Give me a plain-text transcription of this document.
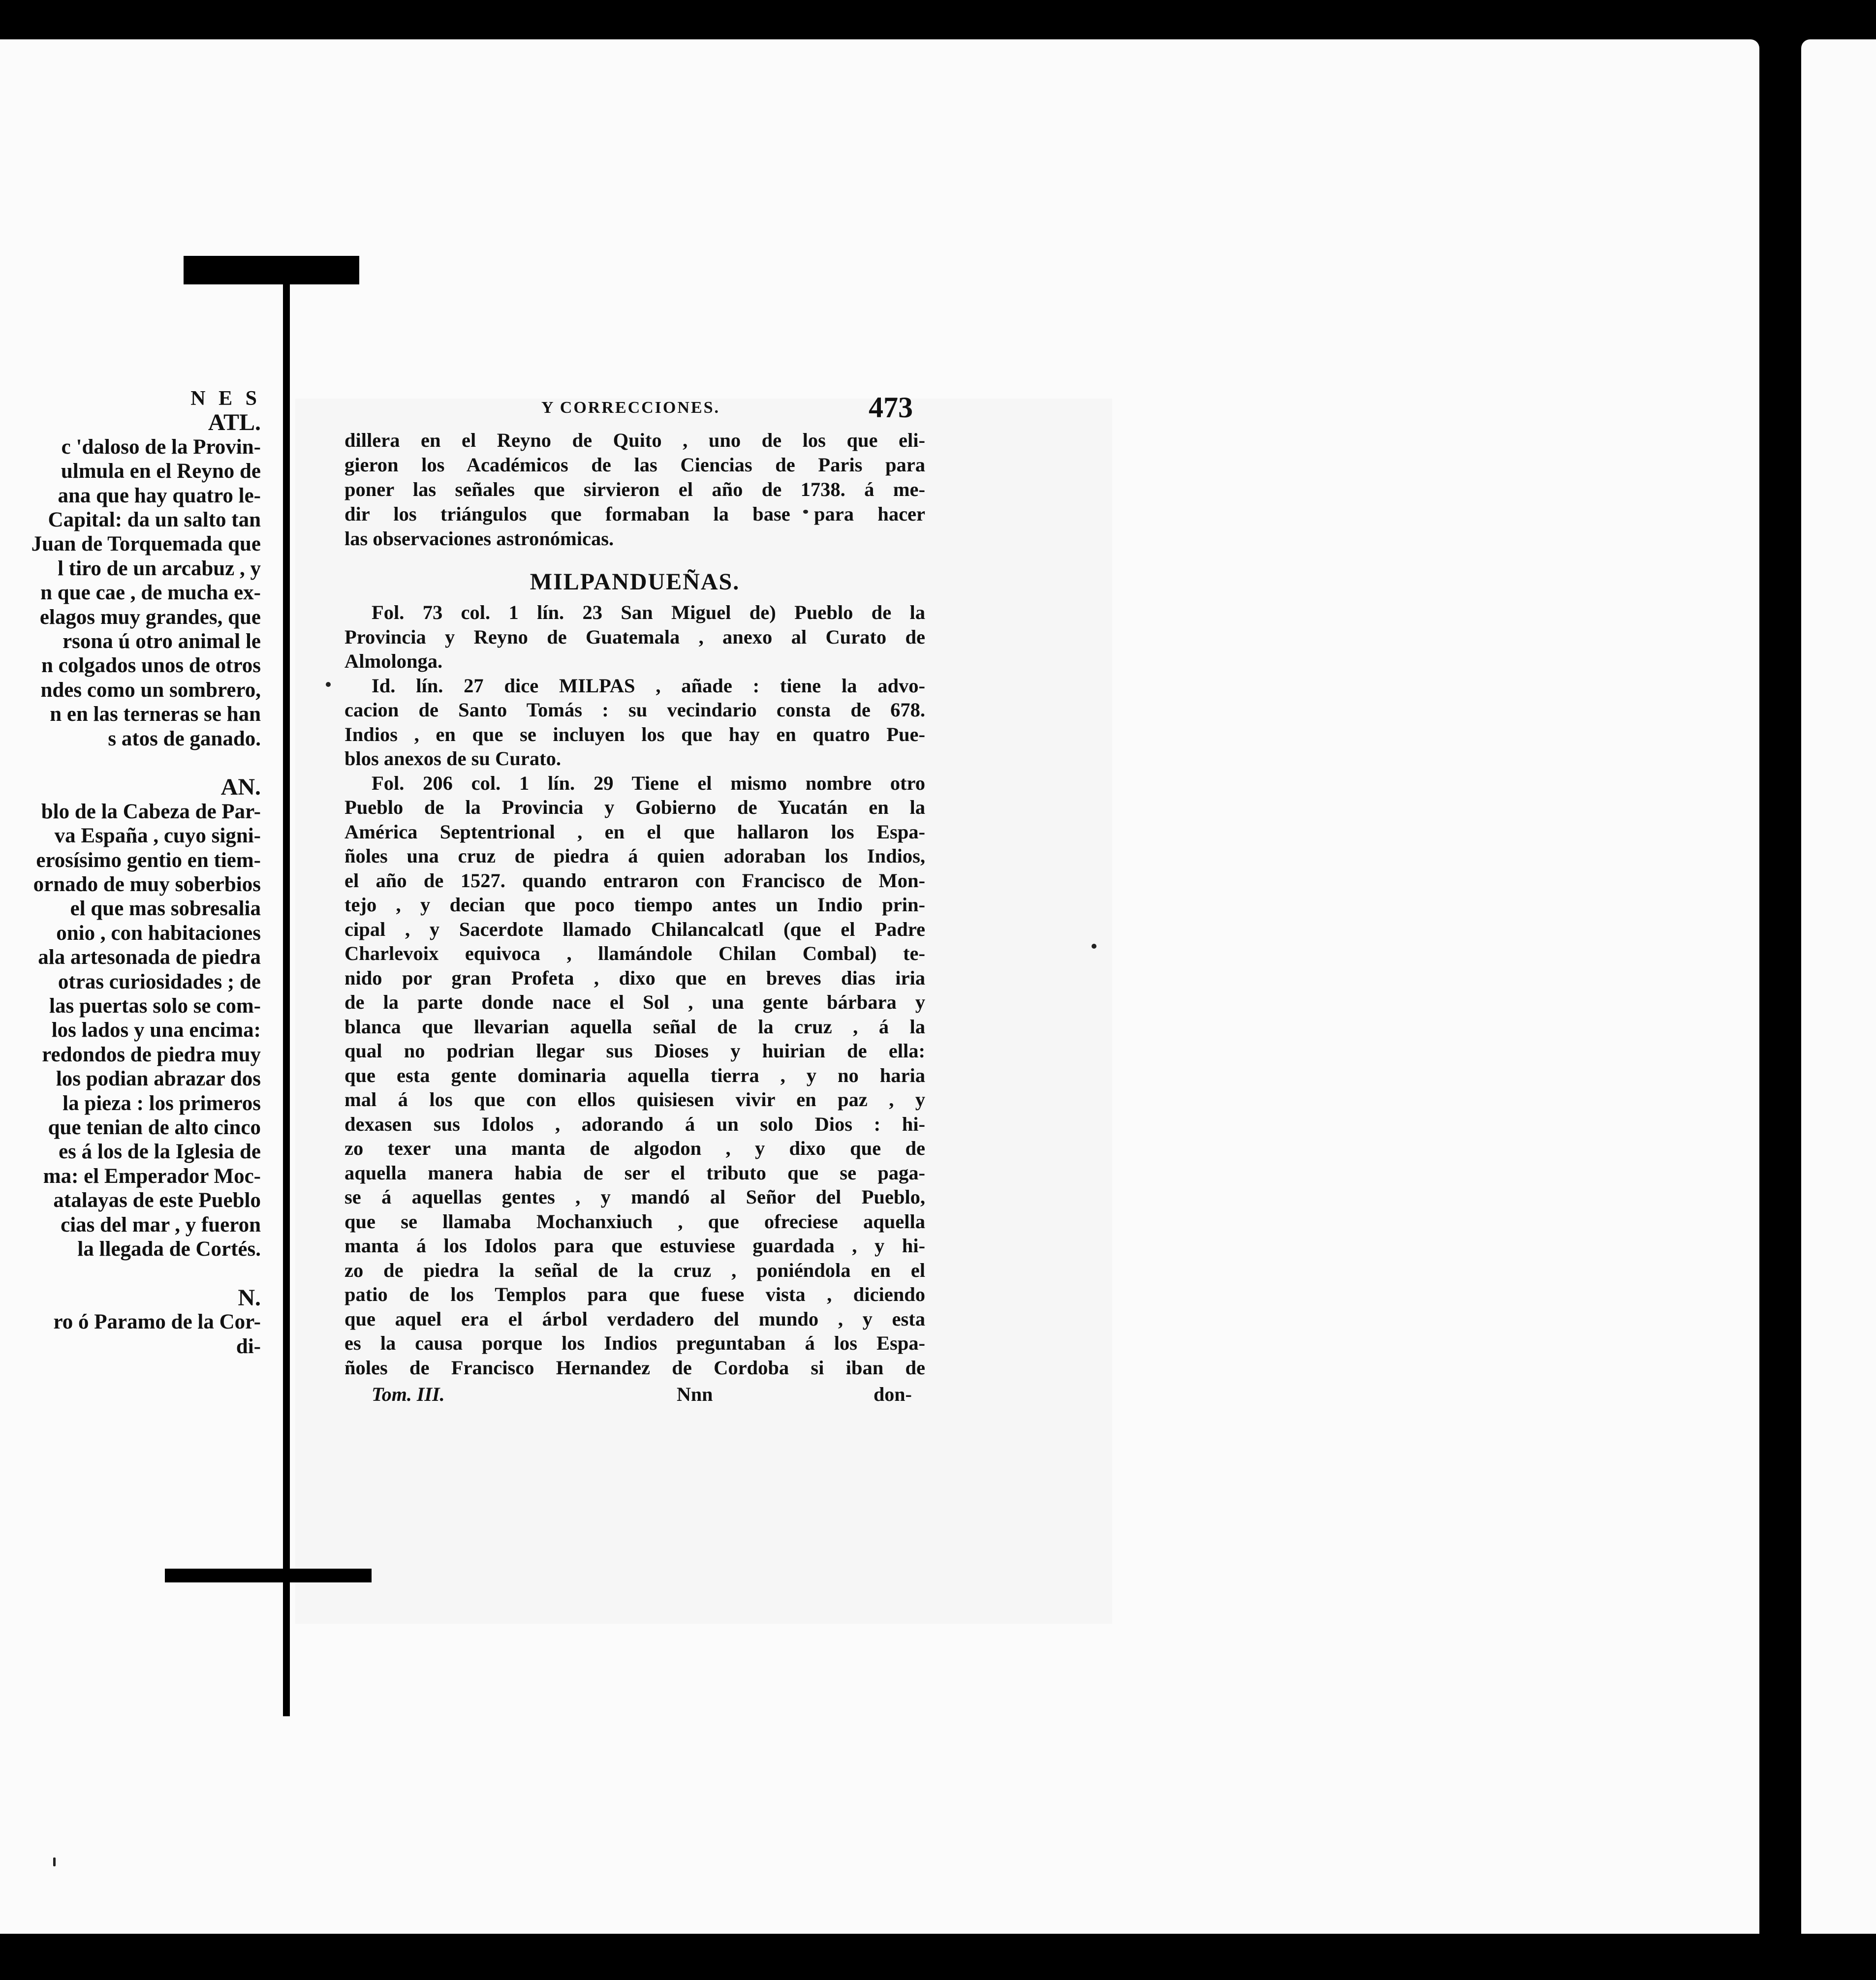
N E S
ATL.
c 'daloso de la Provin-
ulmula en el Reyno de
ana que hay quatro le-
Capital: da un salto tan
Juan de Torquemada que
l tiro de un arcabuz , y
n que cae , de mucha ex-
elagos muy grandes, que
rsona ú otro animal le
n colgados unos de otros
ndes como un sombrero,
n en las terneras se han
s atos de ganado.
AN.
blo de la Cabeza de Par-
va España , cuyo signi-
erosísimo gentio en tiem-
ornado de muy soberbios
el que mas sobresalia
onio , con habitaciones
ala artesonada de piedra
otras curiosidades ; de
las puertas solo se com-
los lados y una encima:
redondos de piedra muy
los podian abrazar dos
la pieza : los primeros
que tenian de alto cinco
es á los de la Iglesia de
ma: el Emperador Moc-
atalayas de este Pueblo
cias del mar , y fueron
la llegada de Cortés.
N.
ro ó Paramo de la Cor-
di-
Y CORRECCIONES.	473
dillera en el Reyno de Quito , uno de los que eli-
gieron los Académicos de las Ciencias de Paris para
poner las señales que sirvieron el año de 1738. á me-
dir los triángulos que formaban la base para hacer
las observaciones astronómicas.
MILPANDUEÑAS.
Fol. 73 col. 1 lín. 23 San Miguel de) Pueblo de la
Provincia y Reyno de Guatemala , anexo al Curato de
Almolonga.
Id. lín. 27 dice MILPAS , añade : tiene la advo-
cacion de Santo Tomás : su vecindario consta de 678.
Indios , en que se incluyen los que hay en quatro Pue-
blos anexos de su Curato.
Fol. 206 col. 1 lín. 29 Tiene el mismo nombre otro
Pueblo de la Provincia y Gobierno de Yucatán en la
América Septentrional , en el que hallaron los Espa-
ñoles una cruz de piedra á quien adoraban los Indios,
el año de 1527. quando entraron con Francisco de Mon-
tejo , y decian que poco tiempo antes un Indio prin-
cipal , y Sacerdote llamado Chilancalcatl (que el Padre
Charlevoix equivoca , llamándole Chilan Combal) te-
nido por gran Profeta , dixo que en breves dias iria
de la parte donde nace el Sol , una gente bárbara y
blanca que llevarian aquella señal de la cruz , á la
qual no podrian llegar sus Dioses y huirian de ella:
que esta gente dominaria aquella tierra , y no haria
mal á los que con ellos quisiesen vivir en paz , y
dexasen sus Idolos , adorando á un solo Dios : hi-
zo texer una manta de algodon , y dixo que de
aquella manera habia de ser el tributo que se paga-
se á aquellas gentes , y mandó al Señor del Pueblo,
que se llamaba Mochanxiuch , que ofreciese aquella
manta á los Idolos para que estuviese guardada , y hi-
zo de piedra la señal de la cruz , poniéndola en el
patio de los Templos para que fuese vista , diciendo
que aquel era el árbol verdadero del mundo , y esta
es la causa porque los Indios preguntaban á los Espa-
ñoles de Francisco Hernandez de Cordoba si iban de
Tom. III.	Nnn	don-
